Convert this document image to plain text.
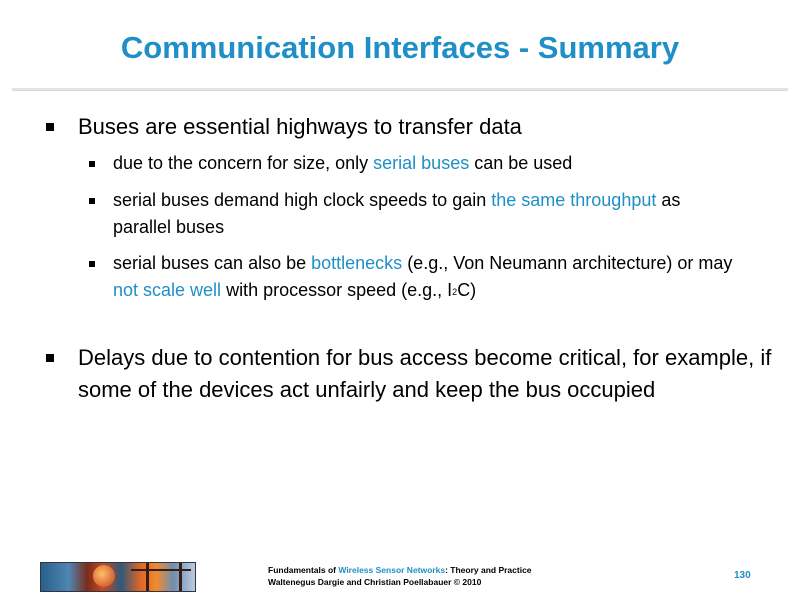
Communication Interfaces - Summary
Buses are essential highways to transfer data
due to the concern for size, only serial buses can be used
serial buses demand high clock speeds to gain the same throughput as parallel buses
serial buses can also be bottlenecks (e.g., Von Neumann architecture) or may not scale well with processor speed (e.g., $I^2C$)
Delays due to contention for bus access become critical, for example, if some of the devices act unfairly and keep the bus occupied
Fundamentals of Wireless Sensor Networks: Theory and Practice
Waltenegus Dargie and Christian Poellabauer © 2010
130
